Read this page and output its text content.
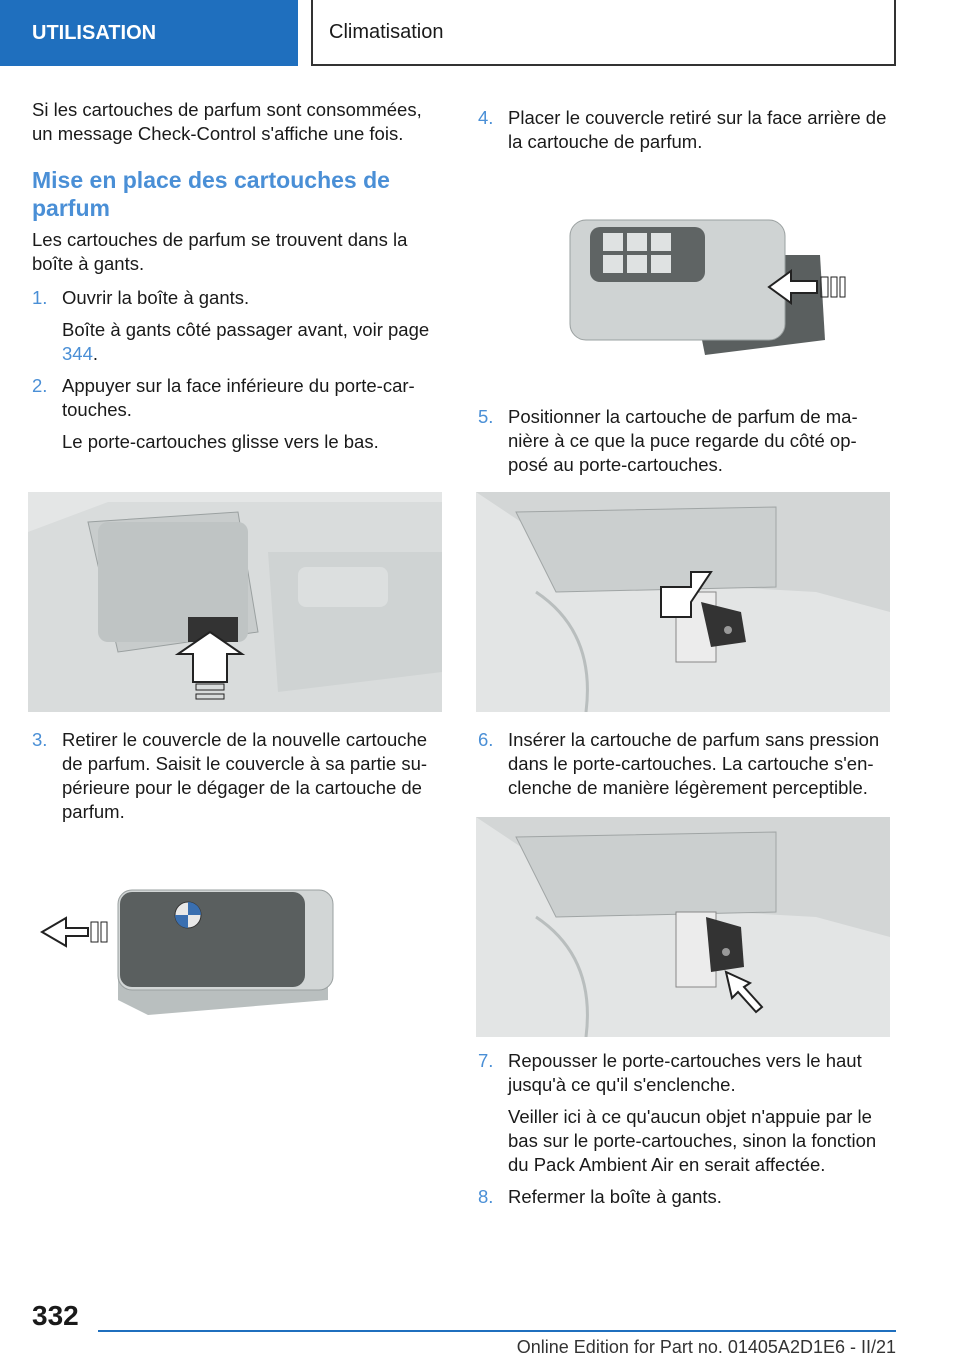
UTILISATION	Climatisation

Si les cartouches de parfum sont consommées, un message Check-Control s'affiche une fois.

Mise en place des cartouches de parfum

Les cartouches de parfum se trouvent dans la boîte à gants.

1. Ouvrir la boîte à gants.

Boîte à gants côté passager avant, voir page 344.

2. Appuyer sur la face inférieure du porte-car-touches.

Le porte-cartouches glisse vers le bas.

3. Retirer le couvercle de la nouvelle cartouche de parfum. Saisit le couvercle à sa partie su-périeure pour le dégager de la cartouche de parfum.

4. Placer le couvercle retiré sur la face arrière de la cartouche de parfum.

5. Positionner la cartouche de parfum de ma-nière à ce que la puce regarde du côté op-posé au porte-cartouches.

6. Insérer la cartouche de parfum sans pression dans le porte-cartouches. La cartouche s'en-clenche de manière légèrement perceptible.

7. Repousser le porte-cartouches vers le haut jusqu'à ce qu'il s'enclenche.

Veiller ici à ce qu'aucun objet n'appuie par le bas sur le porte-cartouches, sinon la fonction du Pack Ambient Air en serait affectée.

8. Refermer la boîte à gants.

332
Online Edition for Part no. 01405A2D1E6 - II/21
